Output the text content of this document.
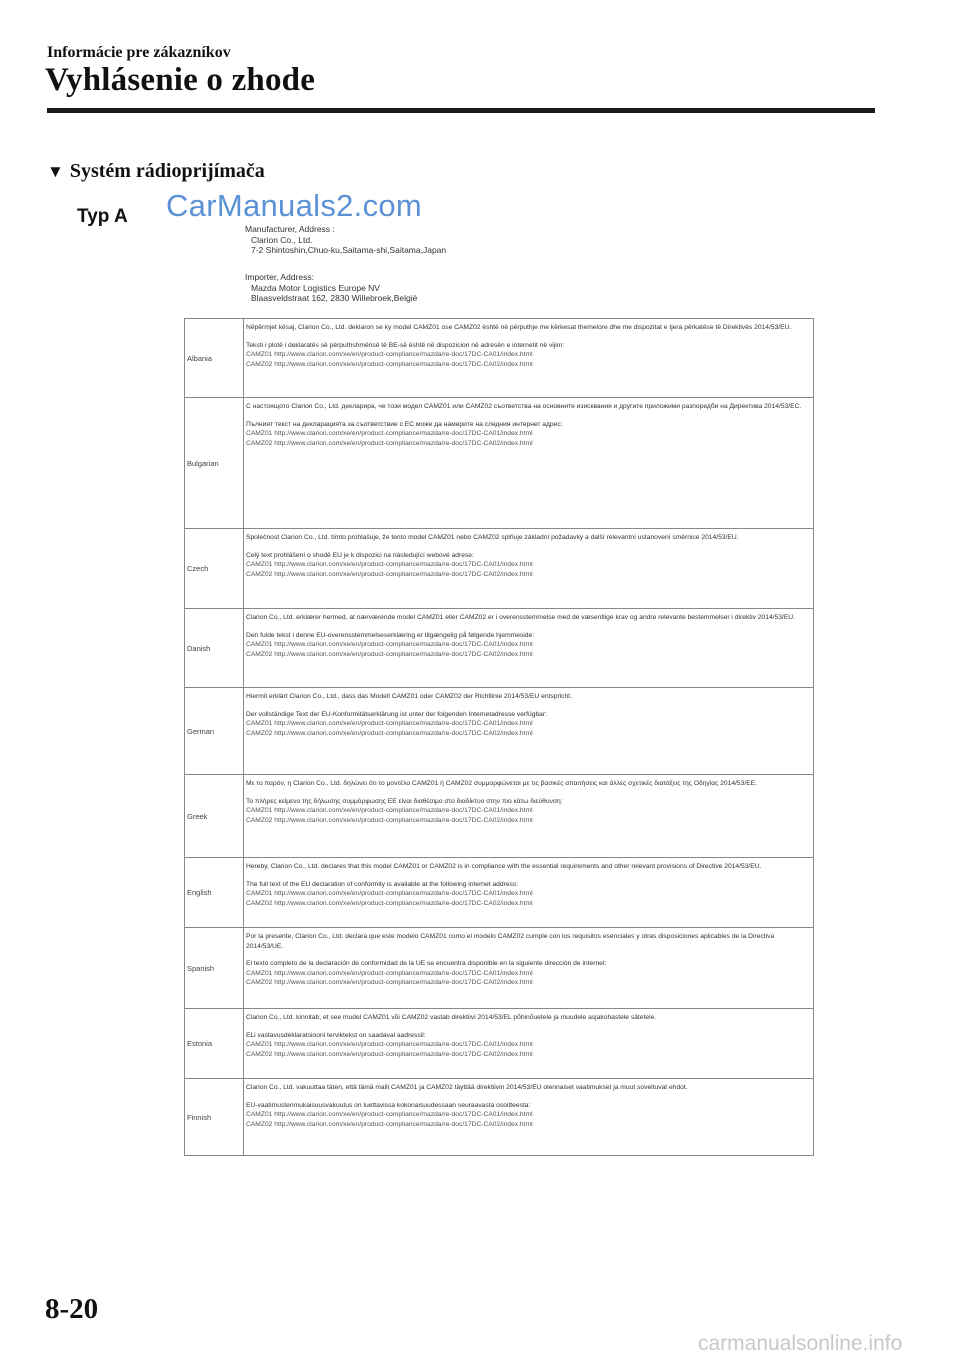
Informácie pre zákazníkov
Vyhlásenie o zhode
▼ Systém rádioprijímača
Typ A CarManuals2.com
Manufacturer, Address :
Clarion Co., Ltd.
7-2 Shintoshin,Chuo-ku,Saitama-shi,Saitama,Japan
Importer, Address:
Mazda Motor Logistics Europe NV
Blaasveldstraat 162, 2830 Willebroek,België
Albania	Nëpërmjet kësaj, Clarion Co., Ltd. deklaron se ky model CAMZ01 ose CAMZ02 është në përputhje me kërkesat themelore dhe me dispozitat e tjera përkatëse të Direktivës 2014/53/EU.
Teksti i plotë i deklaratës së përputhshmërisë të BE-së është në dispozicion në adresën e internetit në vijim:
CAMZ01 http://www.clarion.com/xe/en/product-compliance/mazda/re-doc/17DC-CA01/index.html
CAMZ02 http://www.clarion.com/xe/en/product-compliance/mazda/re-doc/17DC-CA02/index.html

Bulgarian	С настоящото Clarion Co., Ltd. декларира, че този модел CAMZ01 или CAMZ02 съответства на основните изисквания и другите приложими разпоредби на Директива 2014/53/ЕС.
Пълният текст на декларацията за съответствие с ЕС може да намерите на следния интернет адрес:
CAMZ01 http://www.clarion.com/xe/en/product-compliance/mazda/re-doc/17DC-CA01/index.html
CAMZ02 http://www.clarion.com/xe/en/product-compliance/mazda/re-doc/17DC-CA02/index.html

Czech	Společnost Clarion Co., Ltd. tímto prohlašuje, že tento model CAMZ01 nebo CAMZ02 splňuje základní požadavky a další relevantní ustanovení směrnice 2014/53/EU.
Celý text prohlášení o shodě EU je k dispozici na následující webové adrese:
CAMZ01 http://www.clarion.com/xe/en/product-compliance/mazda/re-doc/17DC-CA01/index.html
CAMZ02 http://www.clarion.com/xe/en/product-compliance/mazda/re-doc/17DC-CA02/index.html

Danish	Clarion Co., Ltd. erklærer hermed, at nærværende model CAMZ01 eller CAMZ02 er i overensstemmelse med de væsentlige krav og andre relevante bestemmelser i direktiv 2014/53/EU.
Den fulde tekst i denne EU-overensstemmelseserklæring er tilgængelig på følgende hjemmeside:
CAMZ01 http://www.clarion.com/xe/en/product-compliance/mazda/re-doc/17DC-CA01/index.html
CAMZ02 http://www.clarion.com/xe/en/product-compliance/mazda/re-doc/17DC-CA02/index.html

German	Hiermit erklärt Clarion Co., Ltd., dass das Modell CAMZ01 oder CAMZ02 der Richtlinie 2014/53/EU entspricht.
Der vollständige Text der EU-Konformitätserklärung ist unter der folgenden Internetadresse verfügbar:
CAMZ01 http://www.clarion.com/xe/en/product-compliance/mazda/re-doc/17DC-CA01/index.html
CAMZ02 http://www.clarion.com/xe/en/product-compliance/mazda/re-doc/17DC-CA02/index.html

Greek	Με το παρόν, η Clarion Co., Ltd. δηλώνει ότι το μοντέλο CAMZ01 ή CAMZ02 συμμορφώνεται με τις βασικές απαιτήσεις και άλλες σχετικές διατάξεις της Οδηγίας 2014/53/ΕΕ.
Το πλήρες κείμενο της δήλωσης συμμόρφωσης ΕΕ είναι διαθέσιμο στο διαδίκτυο στην πιο κάτω διεύθυνση:
CAMZ01 http://www.clarion.com/xe/en/product-compliance/mazda/re-doc/17DC-CA01/index.html
CAMZ02 http://www.clarion.com/xe/en/product-compliance/mazda/re-doc/17DC-CA02/index.html

English	Hereby, Clarion Co., Ltd. declares that this model CAMZ01 or CAMZ02 is in compliance with the essential requirements and other relevant provisions of Directive 2014/53/EU.
The full text of the EU declaration of conformity is available at the following internet address:
CAMZ01 http://www.clarion.com/xe/en/product-compliance/mazda/re-doc/17DC-CA01/index.html
CAMZ02 http://www.clarion.com/xe/en/product-compliance/mazda/re-doc/17DC-CA02/index.html

Spanish	Por la presente, Clarion Co., Ltd. declara que este modelo CAMZ01 como el modelo CAMZ02 cumple con los requisitos esenciales y otras disposiciones aplicables de la Directiva 2014/53/UE.
El texto completo de la declaración de conformidad de la UE se encuentra disponible en la siguiente dirección de internet:
CAMZ01 http://www.clarion.com/xe/en/product-compliance/mazda/re-doc/17DC-CA01/index.html
CAMZ02 http://www.clarion.com/xe/en/product-compliance/mazda/re-doc/17DC-CA02/index.html

Estonia	Clarion Co., Ltd. kinnitab, et see mudel CAMZ01 või CAMZ02 vastab direktiivi 2014/53/EL põhinõuetele ja muudele asjakohastele sätetele.
ELi vastavusdeklaratsiooni terviktekst on saadaval aadressil:
CAMZ01 http://www.clarion.com/xe/en/product-compliance/mazda/re-doc/17DC-CA01/index.html
CAMZ02 http://www.clarion.com/xe/en/product-compliance/mazda/re-doc/17DC-CA02/index.html

Finnish	Clarion Co., Ltd. vakuuttaa täten, että tämä malli CAMZ01 ja CAMZ02 täyttää direktiivin 2014/53/EU olennaiset vaatimukset ja muut soveltuvat ehdot.
EU-vaatimustenmukaisuusvakuutus on luettavissa kokonaisuudessaan seuraavasta osoitteesta:
CAMZ01 http://www.clarion.com/xe/en/product-compliance/mazda/re-doc/17DC-CA01/index.html
CAMZ02 http://www.clarion.com/xe/en/product-compliance/mazda/re-doc/17DC-CA02/index.html
8-20
carmanualsonline.info
